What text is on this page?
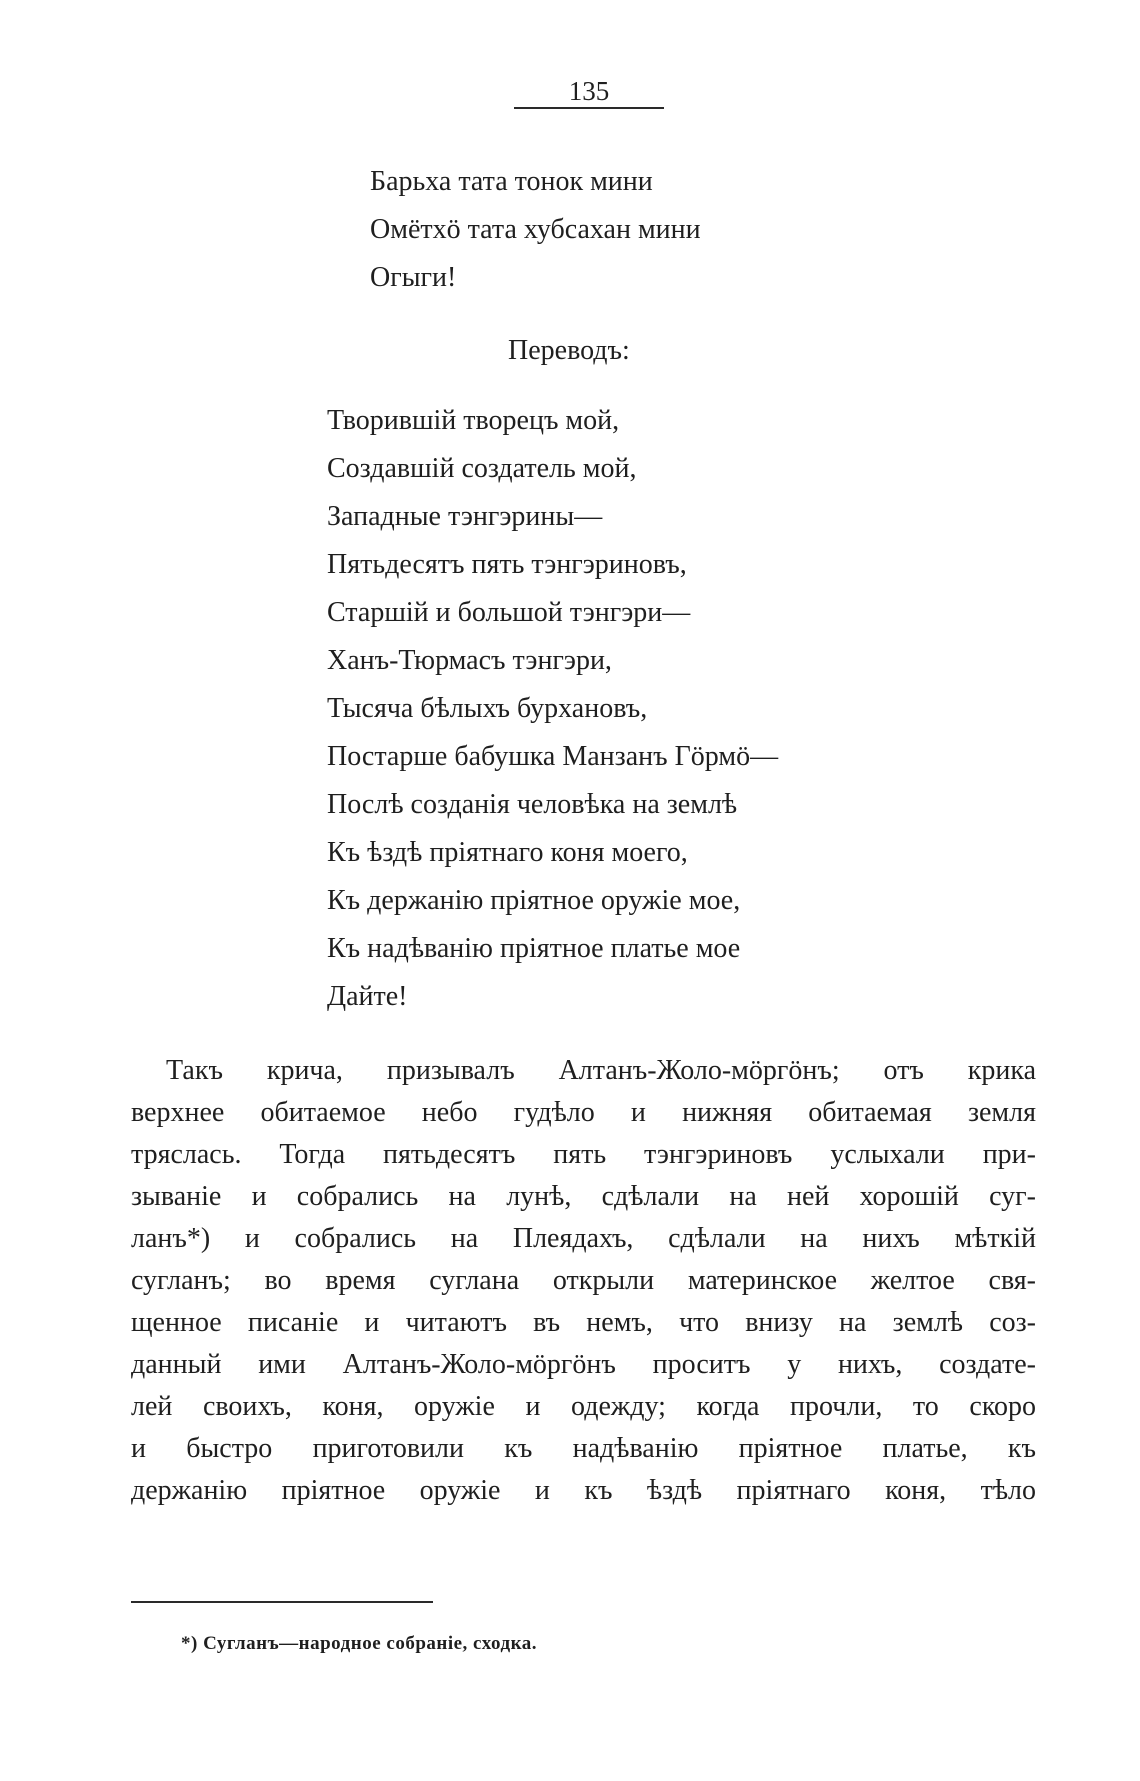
135
Барьха тата тонок мини
Омётхö тата хубсахан мини
Огыги!
Переводъ:
Творившій творецъ мой,
Создавшій создатель мой,
Западные тэнгэрины—
Пятьдесятъ пять тэнгэриновъ,
Старшій и большой тэнгэри—
Ханъ-Тюрмасъ тэнгэри,
Тысяча бѣлыхъ бурхановъ,
Постарше бабушка Манзанъ Гöрмö—
Послѣ созданія человѣка на землѣ
Къ ѣздѣ пріятнаго коня моего,
Къ держанію пріятное оружіе мое,
Къ надѣванію пріятное платье мое
Дайте!

Такъ крича, призывалъ Алтанъ-Жоло-мöргöнъ; отъ крика
верхнее обитаемое небо гудѣло и нижняя обитаемая земля
тряслась. Тогда пятьдесятъ пять тэнгэриновъ услыхали при-
зываніе и собрались на лунѣ, сдѣлали на ней хорошій суг-
ланъ*) и собрались на Плеядахъ, сдѣлали на нихъ мѣткій
сугланъ; во время суглана открыли материнское желтое свя-
щенное писаніе и читаютъ въ немъ, что внизу на землѣ соз-
данный ими Алтанъ-Жоло-мöргöнъ проситъ у нихъ, создате-
лей своихъ, коня, оружіе и одежду; когда прочли, то скоро
и быстро приготовили къ надѣванію пріятное платье, къ
держанію пріятное оружіе и къ ѣздѣ пріятнаго коня, тѣло

*) Сугланъ—народное собраніе, сходка.
